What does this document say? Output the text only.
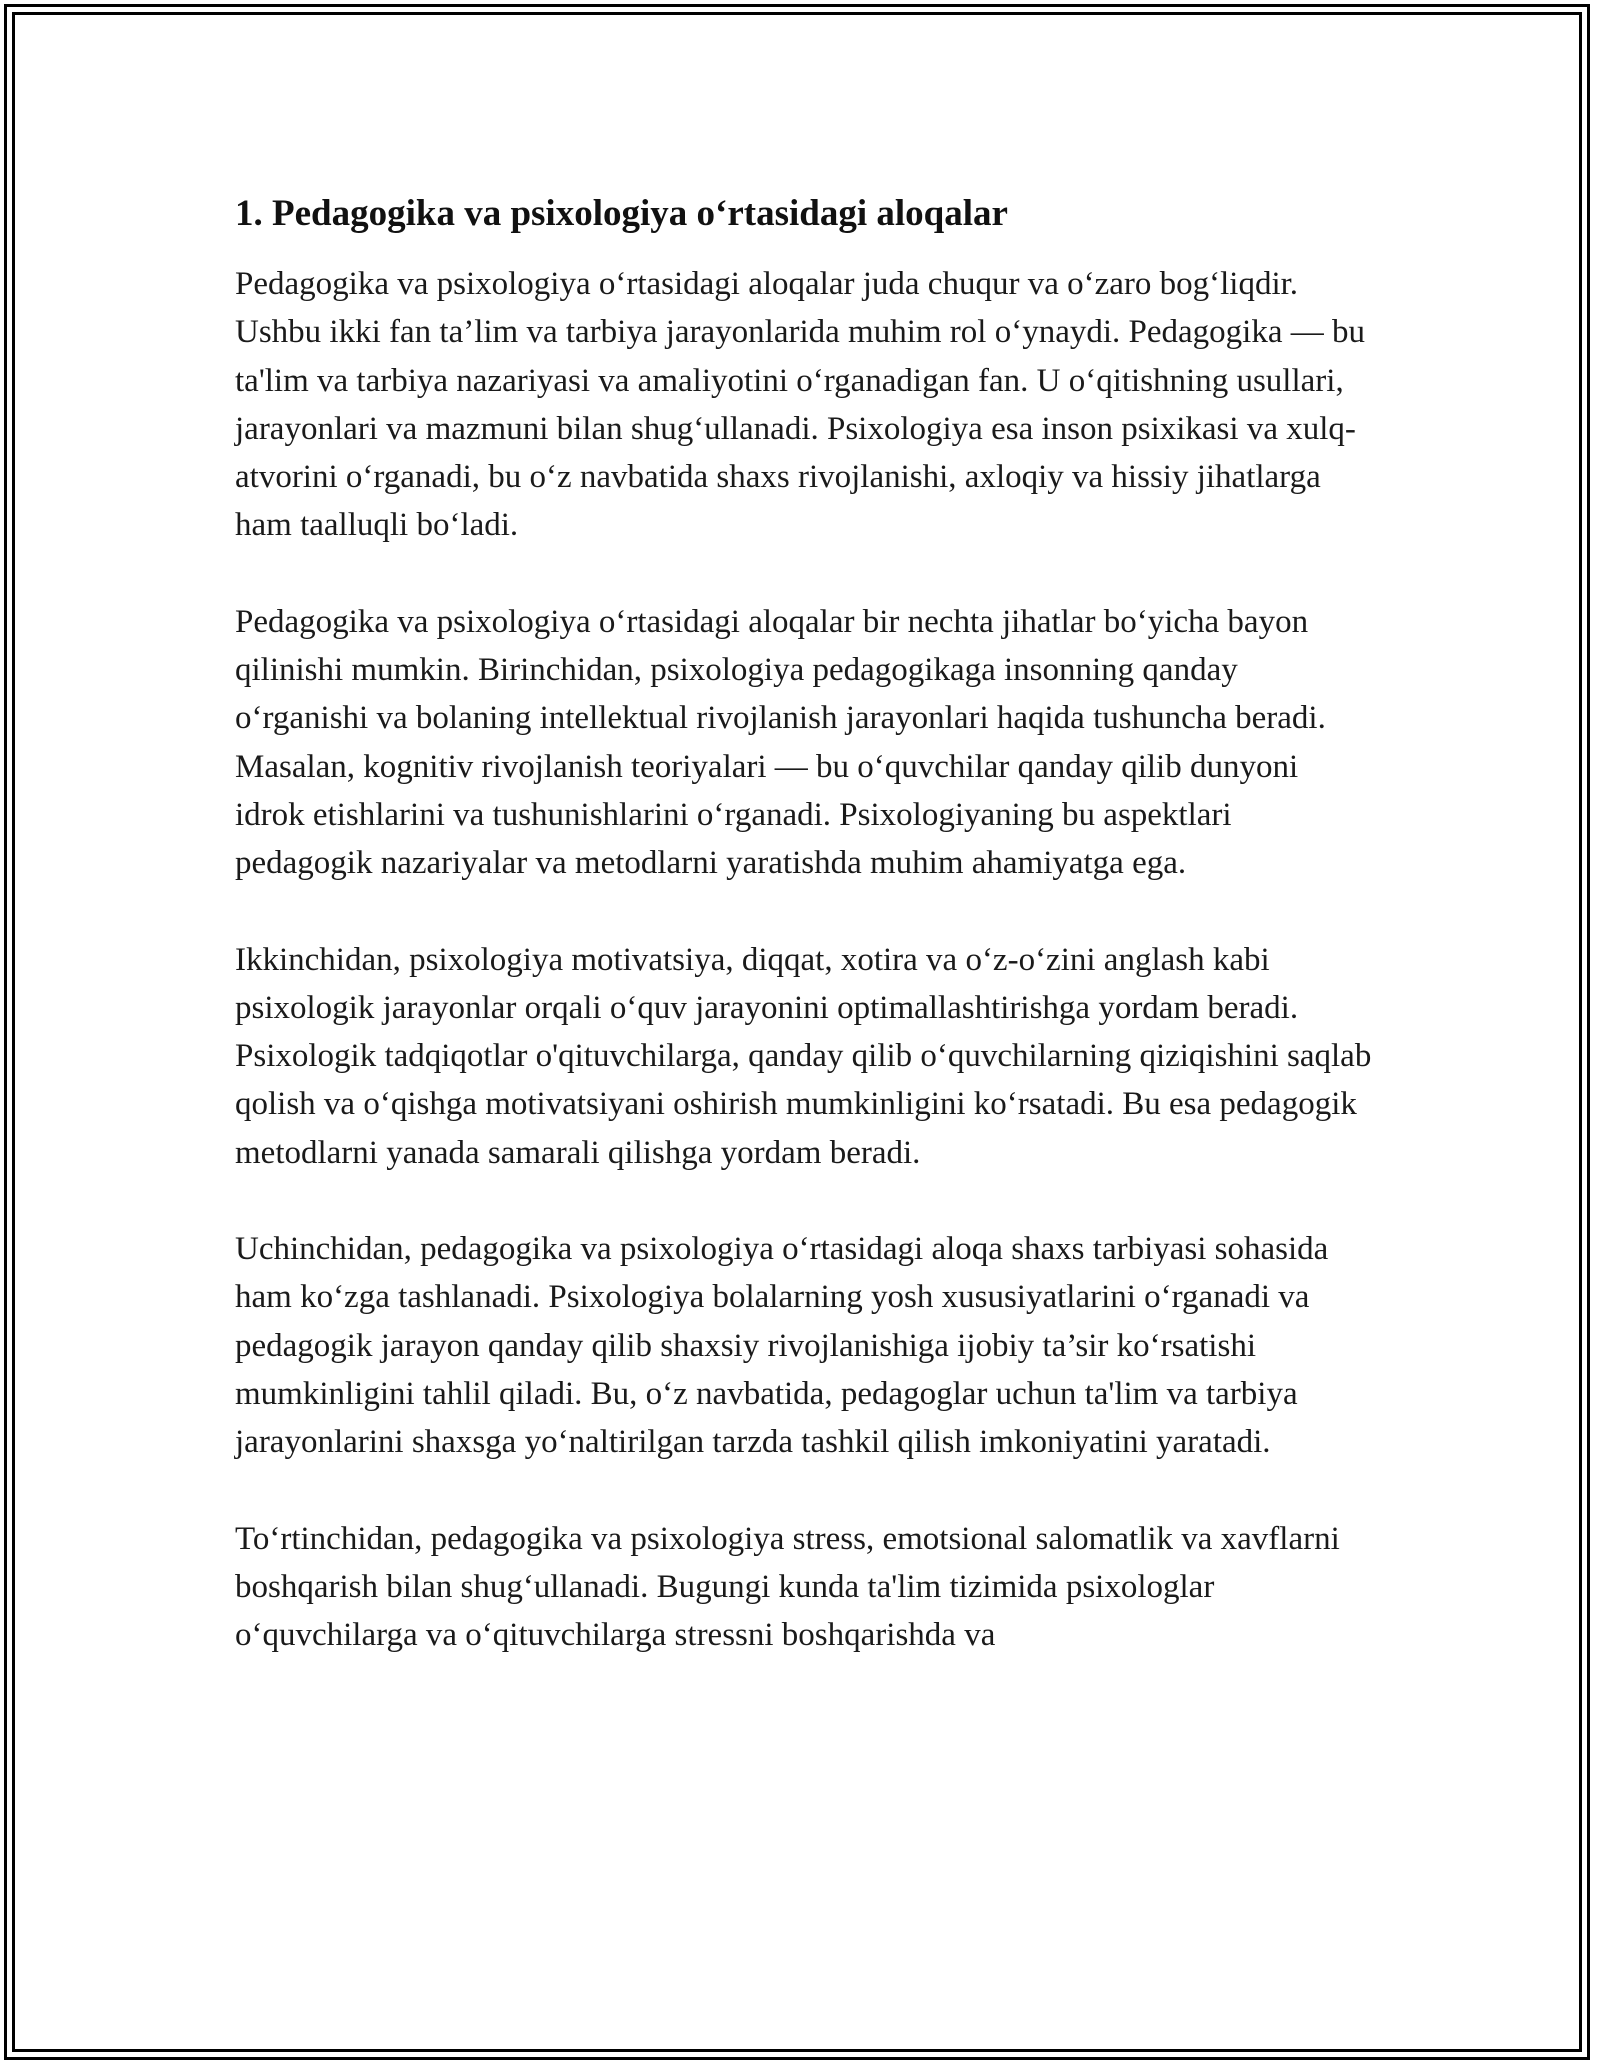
1. Pedagogika va psixologiya o‘rtasidagi aloqalar

Pedagogika va psixologiya o‘rtasidagi aloqalar juda chuqur va o‘zaro bog‘liqdir. Ushbu ikki fan ta’lim va tarbiya jarayonlarida muhim rol o‘ynaydi. Pedagogika — bu ta'lim va tarbiya nazariyasi va amaliyotini o‘rganadigan fan. U o‘qitishning usullari, jarayonlari va mazmuni bilan shug‘ullanadi. Psixologiya esa inson psixikasi va xulq-atvorini o‘rganadi, bu o‘z navbatida shaxs rivojlanishi, axloqiy va hissiy jihatlarga ham taalluqli bo‘ladi.

Pedagogika va psixologiya o‘rtasidagi aloqalar bir nechta jihatlar bo‘yicha bayon qilinishi mumkin. Birinchidan, psixologiya pedagogikaga insonning qanday o‘rganishi va bolaning intellektual rivojlanish jarayonlari haqida tushuncha beradi. Masalan, kognitiv rivojlanish teoriyalari — bu o‘quvchilar qanday qilib dunyoni idrok etishlarini va tushunishlarini o‘rganadi. Psixologiyaning bu aspektlari pedagogik nazariyalar va metodlarni yaratishda muhim ahamiyatga ega.

Ikkinchidan, psixologiya motivatsiya, diqqat, xotira va o‘z-o‘zini anglash kabi psixologik jarayonlar orqali o‘quv jarayonini optimallashtirishga yordam beradi. Psixologik tadqiqotlar o'qituvchilarga, qanday qilib o‘quvchilarning qiziqishini saqlab qolish va o‘qishga motivatsiyani oshirish mumkinligini ko‘rsatadi. Bu esa pedagogik metodlarni yanada samarali qilishga yordam beradi.

Uchinchidan, pedagogika va psixologiya o‘rtasidagi aloqa shaxs tarbiyasi sohasida ham ko‘zga tashlanadi. Psixologiya bolalarning yosh xususiyatlarini o‘rganadi va pedagogik jarayon qanday qilib shaxsiy rivojlanishiga ijobiy ta’sir ko‘rsatishi mumkinligini tahlil qiladi. Bu, o‘z navbatida, pedagoglar uchun ta'lim va tarbiya jarayonlarini shaxsga yo‘naltirilgan tarzda tashkil qilish imkoniyatini yaratadi.

To‘rtinchidan, pedagogika va psixologiya stress, emotsional salomatlik va xavflarni boshqarish bilan shug‘ullanadi. Bugungi kunda ta'lim tizimida psixologlar o‘quvchilarga va o‘qituvchilarga stressni boshqarishda va
